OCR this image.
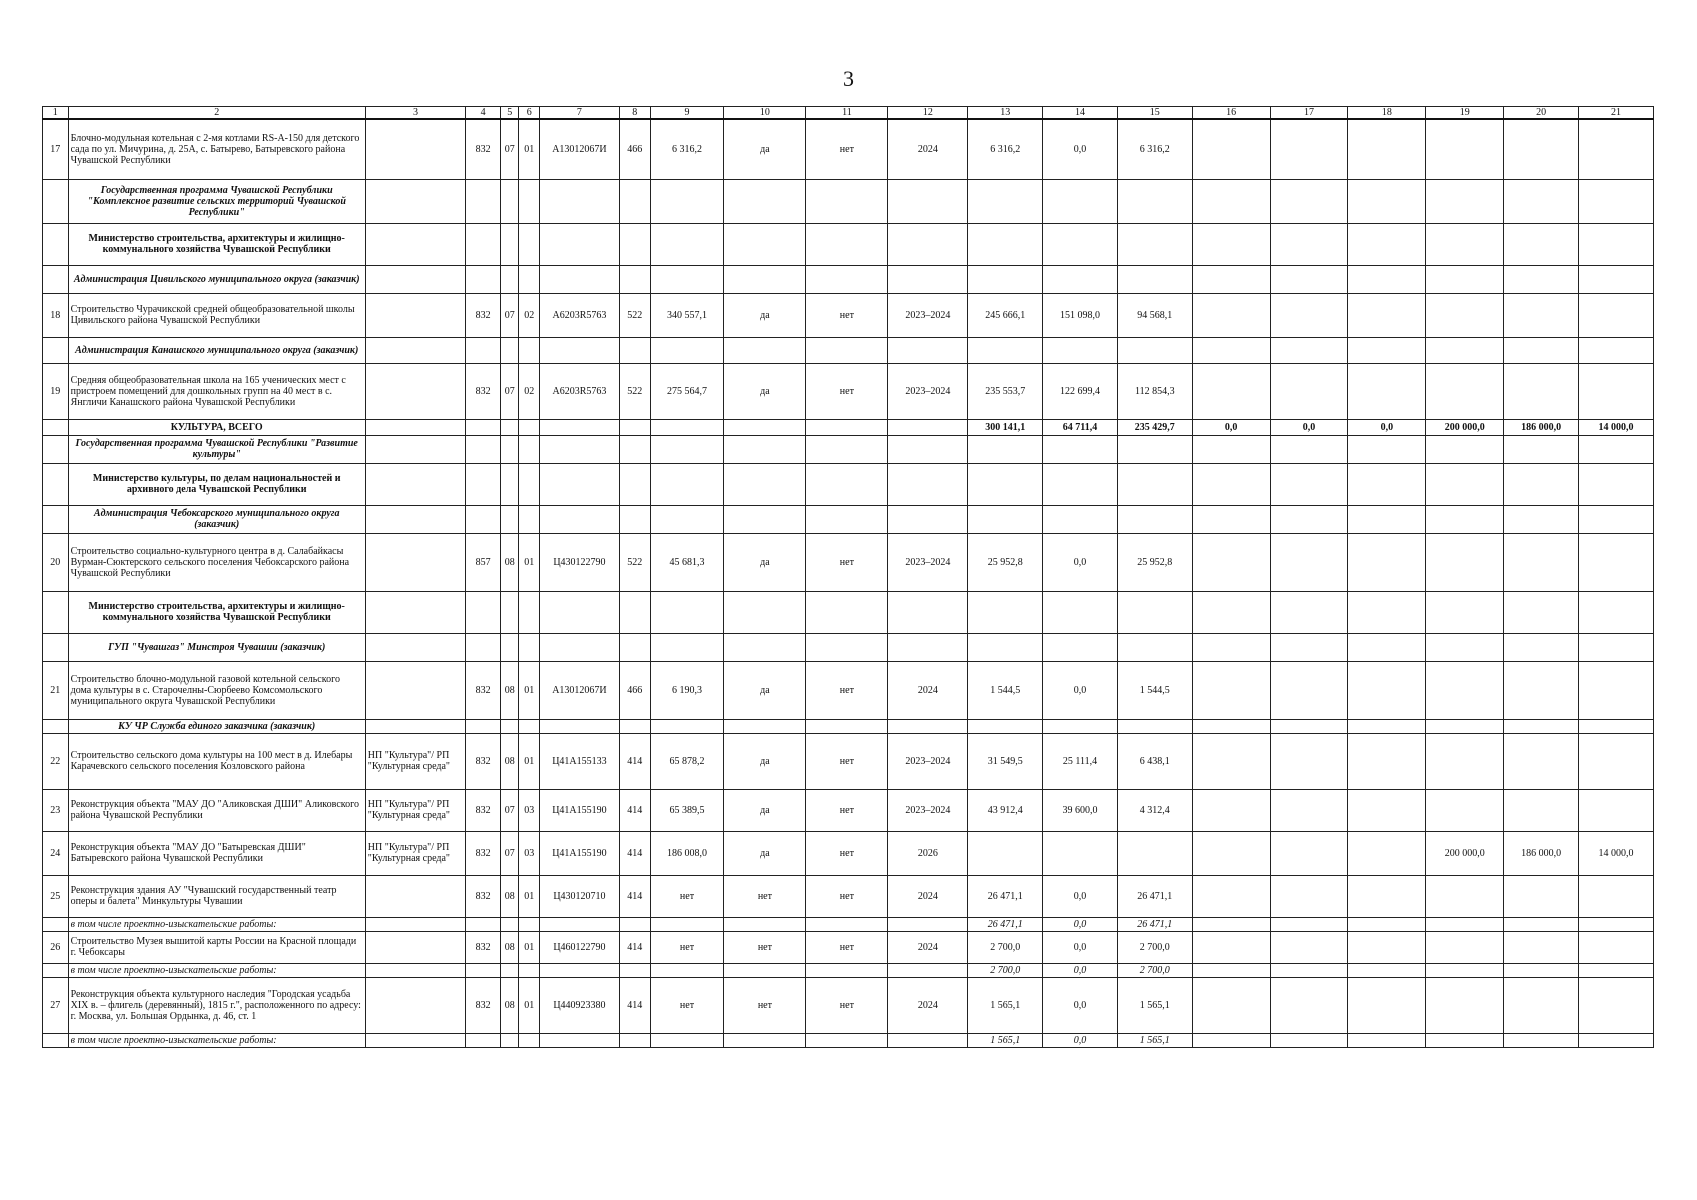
3
1	2	3	4	5	6	7	8	9	10	11	12	13	14	15	16	17	18	19	20	21
17	Блочно-модульная котельная с 2-мя котлами RS-A-150 для детского сада по ул. Мичурина, д. 25А, с. Батырево, Батыревского района Чувашской Республики		832	07	01	А13012067И	466	6 316,2	да	нет	2024	6 316,2	0,0	6 316,2						
	Государственная программа Чувашской Республики "Комплексное развитие сельских территорий Чувашской Республики"																			
	Министерство строительства, архитектуры и жилищно-коммунального хозяйства Чувашской Республики																			
	Администрация Цивильского муниципального округа (заказчик)																			
18	Строительство Чурачикской средней общеобразовательной школы Цивильского района Чувашской Республики		832	07	02	А6203R5763	522	340 557,1	да	нет	2023–2024	245 666,1	151 098,0	94 568,1						
	Администрация Канашского муниципального округа (заказчик)																			
19	Средняя общеобразовательная школа на 165 ученических мест с пристроем помещений для дошкольных групп на 40 мест в с. Янгличи Канашского района Чувашской Республики		832	07	02	А6203R5763	522	275 564,7	да	нет	2023–2024	235 553,7	122 699,4	112 854,3						
	КУЛЬТУРА, ВСЕГО											300 141,1	64 711,4	235 429,7	0,0	0,0	0,0	200 000,0	186 000,0	14 000,0
	Государственная программа Чувашской Республики "Развитие культуры"																			
	Министерство культуры, по делам национальностей и архивного дела Чувашской Республики																			
	Администрация Чебоксарского муниципального округа (заказчик)																			
20	Строительство социально-культурного центра в д. Салабайкасы Вурман-Сюктерского сельского поселения Чебоксарского района Чувашской Республики		857	08	01	Ц430122790	522	45 681,3	да	нет	2023–2024	25 952,8	0,0	25 952,8						
	Министерство строительства, архитектуры и жилищно-коммунального хозяйства Чувашской Республики																			
	ГУП "Чувашгаз" Минстроя Чувашии (заказчик)																			
21	Строительство блочно-модульной газовой котельной сельского дома культуры в с. Старочелны-Сюрбеево Комсомольского муниципального округа Чувашской Республики		832	08	01	А13012067И	466	6 190,3	да	нет	2024	1 544,5	0,0	1 544,5						
	КУ ЧР Служба единого заказчика (заказчик)																			
22	Строительство сельского дома культуры на 100 мест в д. Илебары Карачевского сельского поселения Козловского района	НП "Культура"/ РП "Культурная среда"	832	08	01	Ц41А155133	414	65 878,2	да	нет	2023–2024	31 549,5	25 111,4	6 438,1						
23	Реконструкция объекта "МАУ ДО "Аликовская ДШИ" Аликовского района Чувашской Республики	НП "Культура"/ РП "Культурная среда"	832	07	03	Ц41А155190	414	65 389,5	да	нет	2023–2024	43 912,4	39 600,0	4 312,4						
24	Реконструкция объекта "МАУ ДО "Батыревская ДШИ" Батыревского района Чувашской Республики	НП "Культура"/ РП "Культурная среда"	832	07	03	Ц41А155190	414	186 008,0	да	нет	2026							200 000,0	186 000,0	14 000,0
25	Реконструкция здания АУ "Чувашский государственный театр оперы и балета" Минкультуры Чувашии		832	08	01	Ц430120710	414	нет	нет	нет	2024	26 471,1	0,0	26 471,1						
	в том числе проектно-изыскательские работы:											26 471,1	0,0	26 471,1						
26	Строительство Музея вышитой карты России на Красной площади г. Чебоксары		832	08	01	Ц460122790	414	нет	нет	нет	2024	2 700,0	0,0	2 700,0						
	в том числе проектно-изыскательские работы:											2 700,0	0,0	2 700,0						
27	Реконструкция объекта культурного наследия "Городская усадьба XIX в. – флигель (деревянный), 1815 г.", расположенного по адресу: г. Москва, ул. Большая Ордынка, д. 46, ст. 1		832	08	01	Ц440923380	414	нет	нет	нет	2024	1 565,1	0,0	1 565,1						
	в том числе проектно-изыскательские работы:											1 565,1	0,0	1 565,1						
